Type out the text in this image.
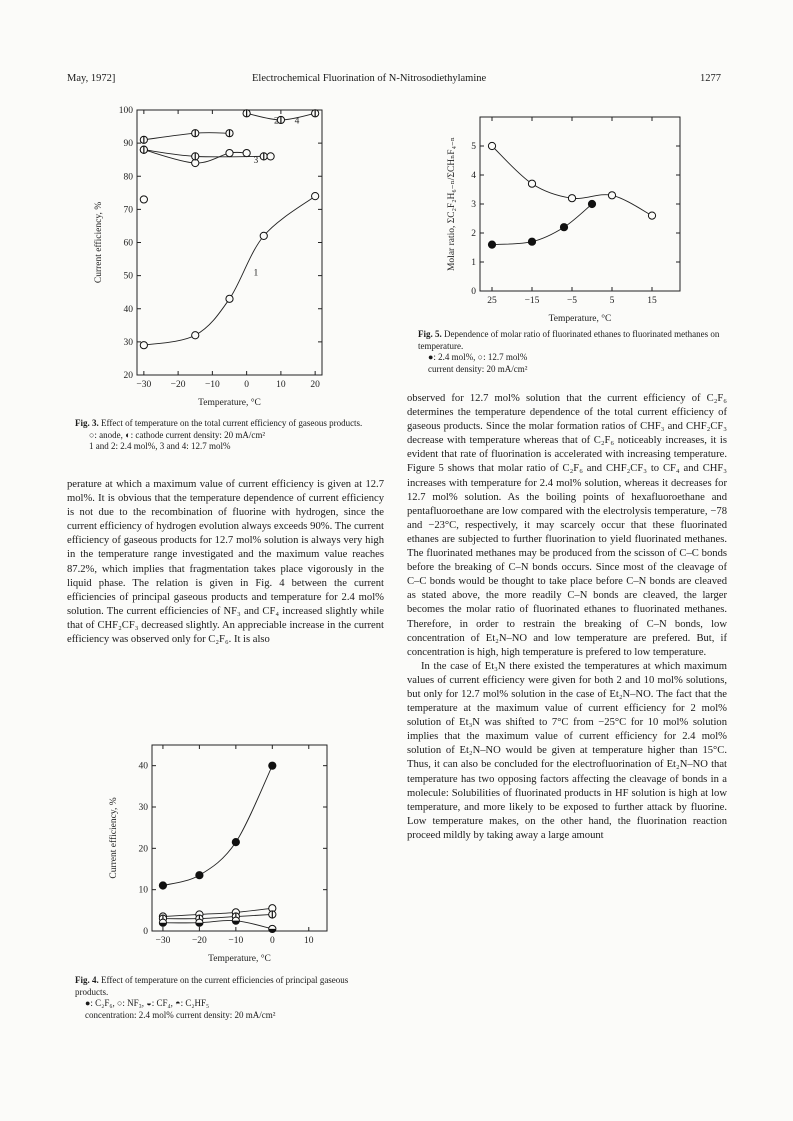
May, 1972]	Electrochemical Fluorination of N-Nitrosodiethylamine	1277
−30 −20 −10	0	10	20
20
30
40
50
60
70
80
90
100
Temperature, °C
Current efficiency, %	1
2
3
4
Fig. 3. Effect of temperature on the total current efficiency of gaseous products.
○: anode, ◐: cathode current density: 20 mA/cm²
1 and 2: 2.4 mol%, 3 and 4: 12.7 mol%

perature at which a maximum value of current efficiency is given at 12.7 mol%. It is obvious that the temperature dependence of current efficiency is not due to the recombination of fluorine with hydrogen, since the current efficiency of hydrogen evolution always exceeds 90%. The current efficiency of gaseous products for 12.7 mol% solution is always very high in the temperature range investigated and the maximum value reaches 87.2%, which implies that fragmentation takes place vigorously in the liquid phase. The relation is given in Fig. 4 between the current efficiencies of principal gaseous products and temperature for 2.4 mol% solution. The current efficiencies of NF₃ and CF₄ increased slightly while that of CHF₂CF₃ decreased slightly. An appreciable increase in the current efficiency was observed only for C₂F₆. It is also

−30 −20 −10	0	10
0
10
20
30
40
Temperature, °C
Current efficiency, %
Fig. 4. Effect of temperature on the current efficiencies of principal gaseous products.
●: C₂F₆, ○: NF₃, ◒: CF₄, ◓: C₂HF₅
concentration: 2.4 mol% current density: 20 mA/cm²
25	−15	−5	5	15
0
1
2
3
4
5
Temperature, °C
Molar ratio, ΣC₂F₂H₆₋ₙ/ΣCHₙF₄₋ₙ
Fig. 5. Dependence of molar ratio of fluorinated ethanes to fluorinated methanes on temperature.
●: 2.4 mol%, ○: 12.7 mol%
current density: 20 mA/cm²

observed for 12.7 mol% solution that the current efficiency of C₂F₆ determines the temperature dependence of the total current efficiency of gaseous products. Since the molar formation ratios of CHF₃ and CHF₂CF₃ decrease with temperature whereas that of C₂F₆ noticeably increases, it is evident that rate of fluorination is accelerated with increasing temperature. Figure 5 shows that molar ratio of C₂F₆ and CHF₂CF₃ to CF₄ and CHF₃ increases with temperature for 2.4 mol% solution, whereas it decreases for 12.7 mol% solution. As the boiling points of hexafluoroethane and pentafluoroethane are low compared with the electrolysis temperature, −78 and −23°C, respectively, it may scarcely occur that these fluorinated ethanes are subjected to further fluorination to yield fluorinated methanes. The fluorinated methanes may be produced from the scisson of C–C bonds before the breaking of C–N bonds occurs. Since most of the cleavage of C–C bonds would be thought to take place before C–N bonds are cleaved as stated above, the more readily C–N bonds are cleaved, the larger becomes the molar ratio of fluorinated ethanes to fluorinated methanes. Therefore, in order to restrain the breaking of C–N bonds, low concentration of Et₂N–NO and low temperature are prefered. But, if concentration is high, high temperature is prefered to low temperature.

In the case of Et₃N there existed the temperatures at which maximum values of current efficiency were given for both 2 and 10 mol% solutions, but only for 12.7 mol% solution in the case of Et₂N–NO. The fact that the temperature at the maximum value of current efficiency for 2 mol% solution of Et₃N was shifted to 7°C from −25°C for 10 mol% solution implies that the maximum value of current efficiency for 2.4 mol% solution of Et₂N–NO would be given at temperature higher than 15°C. Thus, it can also be concluded for the electrofluorination of Et₂N–NO that temperature has two opposing factors affecting the cleavage of bonds in a molecule: Solubilities of fluorinated products in HF solution is high at low temperature, and more likely to be exposed to further attack by fluorine. Low temperature makes, on the other hand, the fluorination reaction proceed mildly by taking away a large amount
